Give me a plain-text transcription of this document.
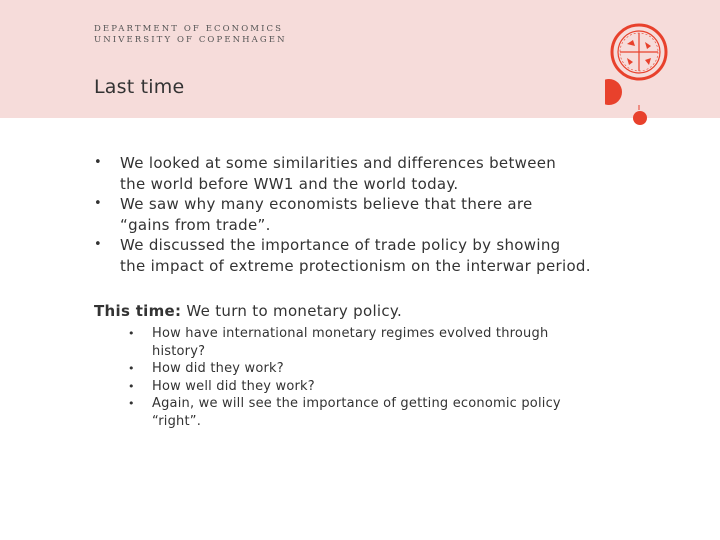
DEPARTMENT OF ECONOMICS
UNIVERSITY OF COPENHAGEN
Last time
• We looked at some similarities and differences between
the world before WW1 and the world today.
• We saw why many economists believe that there are
“gains from trade”.
• We discussed the importance of trade policy by showing
the impact of extreme protectionism on the interwar period.
This time: We turn to monetary policy.
• How have international monetary regimes evolved through
history?
• How did they work?
• How well did they work?
• Again, we will see the importance of getting economic policy
“right”.
